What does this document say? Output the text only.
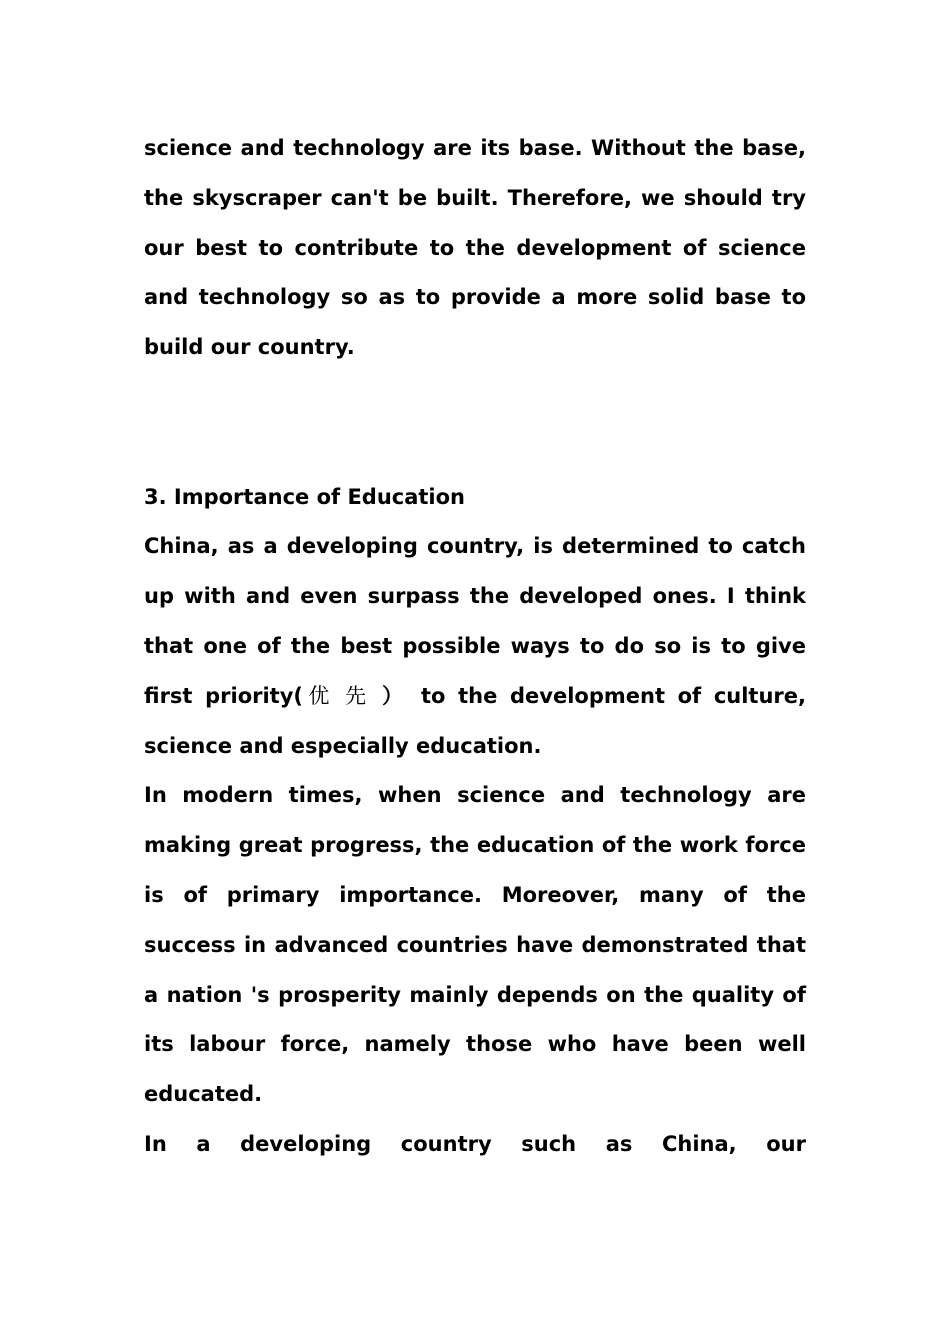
science and technology are its base. Without the base, the skyscraper can't be built. Therefore, we should try our best to contribute to the development of science and technology so as to provide a more solid base to build our country.

3. Importance of Education

China, as a developing country, is determined to catch up with and even surpass the developed ones. I think that one of the best possible ways to do so is to give first priority(优先） to the development of culture, science and especially education.

In modern times, when science and technology are making great progress, the education of the work force is of primary importance. Moreover, many of the success in advanced countries have demonstrated that a nation 's prosperity mainly depends on the quality of its labour force, namely those who have been well educated.

In a developing country such as China, our
